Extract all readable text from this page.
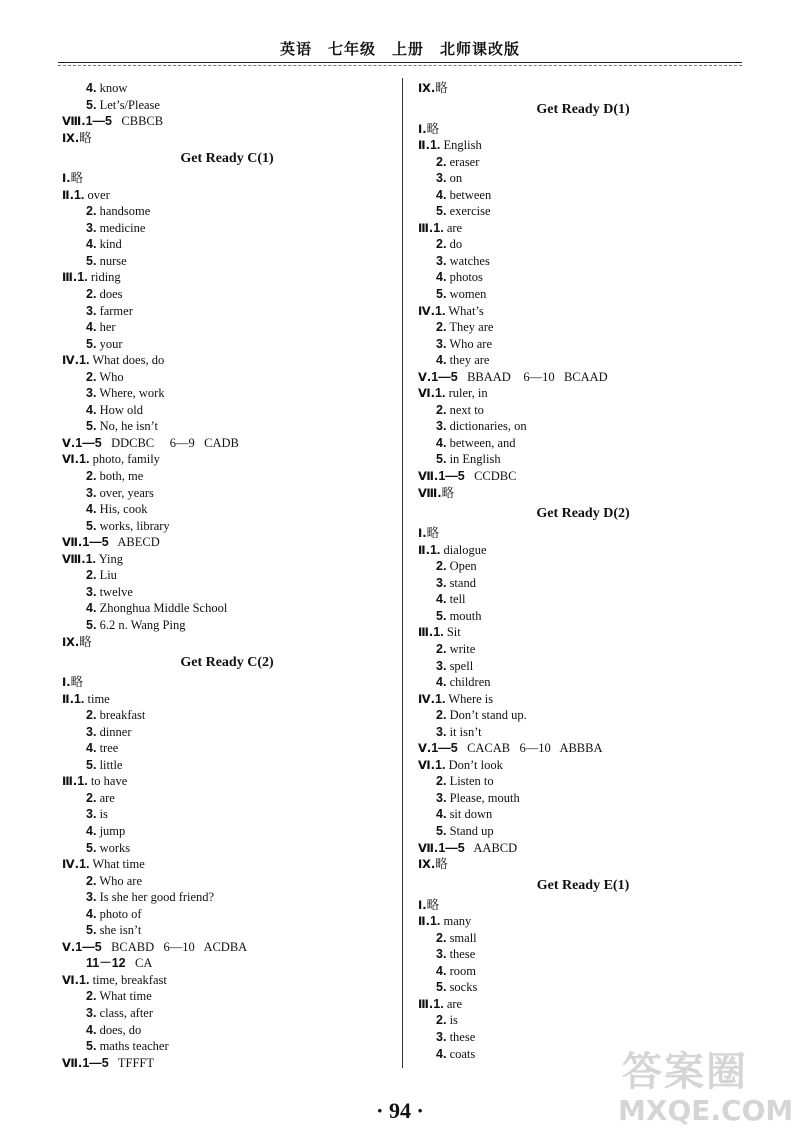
英语　七年级　上册　北师课改版
4. know
5. Let’s/Please
Ⅷ.1—5   CBBCB
Ⅸ.略
Get Ready C(1)
Ⅰ.略
Ⅱ.1. over
2. handsome
3. medicine
4. kind
5. nurse
Ⅲ.1. riding
2. does
3. farmer
4. her
5. your
Ⅳ.1. What does, do
2. Who
3. Where, work
4. How old
5. No, he isn’t
Ⅴ.1—5   DDCBC     6—9   CADB
Ⅵ.1. photo, family
2. both, me
3. over, years
4. His, cook
5. works, library
Ⅶ.1—5   ABECD
Ⅷ.1. Ying
2. Liu
3. twelve
4. Zhonghua Middle School
5. 6.2 n. Wang Ping
Ⅸ.略
Get Ready C(2)
Ⅰ.略
Ⅱ.1. time
2. breakfast
3. dinner
4. tree
5. little
Ⅲ.1. to have
2. are
3. is
4. jump
5. works
Ⅳ.1. What time
2. Who are
3. Is she her good friend?
4. photo of
5. she isn’t
Ⅴ.1—5   BCABD   6—10   ACDBA
11－12   CA
Ⅵ.1. time, breakfast
2. What time
3. class, after
4. does, do
5. maths teacher
Ⅶ.1—5   TFFFT
Ⅸ.略
Get Ready D(1)
Ⅰ.略
Ⅱ.1. English
2. eraser
3. on
4. between
5. exercise
Ⅲ.1. are
2. do
3. watches
4. photos
5. women
Ⅳ.1. What’s
2. They are
3. Who are
4. they are
Ⅴ.1—5   BBAAD    6—10   BCAAD
Ⅵ.1. ruler, in
2. next to
3. dictionaries, on
4. between, and
5. in English
Ⅶ.1—5   CCDBC
Ⅷ.略
Get Ready D(2)
Ⅰ.略
Ⅱ.1. dialogue
2. Open
3. stand
4. tell
5. mouth
Ⅲ.1. Sit
2. write
3. spell
4. children
Ⅳ.1. Where is
2. Don’t stand up.
3. it isn’t
Ⅴ.1—5   CACAB   6—10   ABBBA
Ⅵ.1. Don’t look
2. Listen to
3. Please, mouth
4. sit down
5. Stand up
Ⅶ.1—5   AABCD
Ⅸ.略
Get Ready E(1)
Ⅰ.略
Ⅱ.1. many
2. small
3. these
4. room
5. socks
Ⅲ.1. are
2. is
3. these
4. coats
· 94 ·
答案圈
MXQE.COM
